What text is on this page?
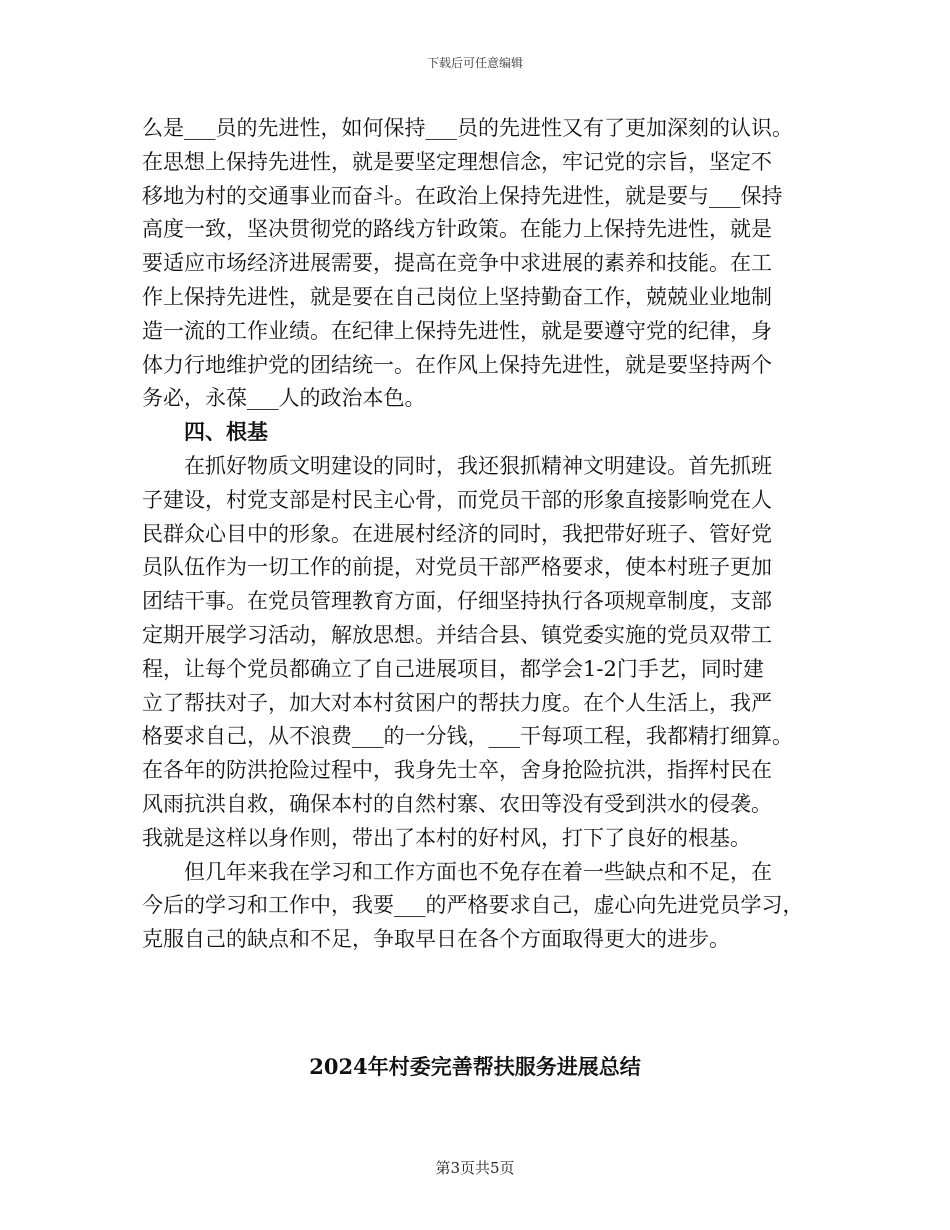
下载后可任意编辑
么是___员的先进性，如何保持___员的先进性又有了更加深刻的认识。
在思想上保持先进性，就是要坚定理想信念，牢记党的宗旨，坚定不
移地为村的交通事业而奋斗。在政治上保持先进性，就是要与___保持
高度一致，坚决贯彻党的路线方针政策。在能力上保持先进性，就是
要适应市场经济进展需要，提高在竞争中求进展的素养和技能。在工
作上保持先进性，就是要在自己岗位上坚持勤奋工作，兢兢业业地制
造一流的工作业绩。在纪律上保持先进性，就是要遵守党的纪律，身
体力行地维护党的团结统一。在作风上保持先进性，就是要坚持两个
务必，永葆___人的政治本色。
四、根基
在抓好物质文明建设的同时，我还狠抓精神文明建设。首先抓班
子建设，村党支部是村民主心骨，而党员干部的形象直接影响党在人
民群众心目中的形象。在进展村经济的同时，我把带好班子、管好党
员队伍作为一切工作的前提，对党员干部严格要求，使本村班子更加
团结干事。在党员管理教育方面，仔细坚持执行各项规章制度，支部
定期开展学习活动，解放思想。并结合县、镇党委实施的党员双带工
程，让每个党员都确立了自己进展项目，都学会1-2门手艺，同时建
立了帮扶对子，加大对本村贫困户的帮扶力度。在个人生活上，我严
格要求自己，从不浪费___的一分钱，___干每项工程，我都精打细算。
在各年的防洪抢险过程中，我身先士卒，舍身抢险抗洪，指挥村民在
风雨抗洪自救，确保本村的自然村寨、农田等没有受到洪水的侵袭。
我就是这样以身作则，带出了本村的好村风，打下了良好的根基。
但几年来我在学习和工作方面也不免存在着一些缺点和不足，在
今后的学习和工作中，我要___的严格要求自己，虚心向先进党员学习，
克服自己的缺点和不足，争取早日在各个方面取得更大的进步。
2024年村委完善帮扶服务进展总结
第3页共5页
